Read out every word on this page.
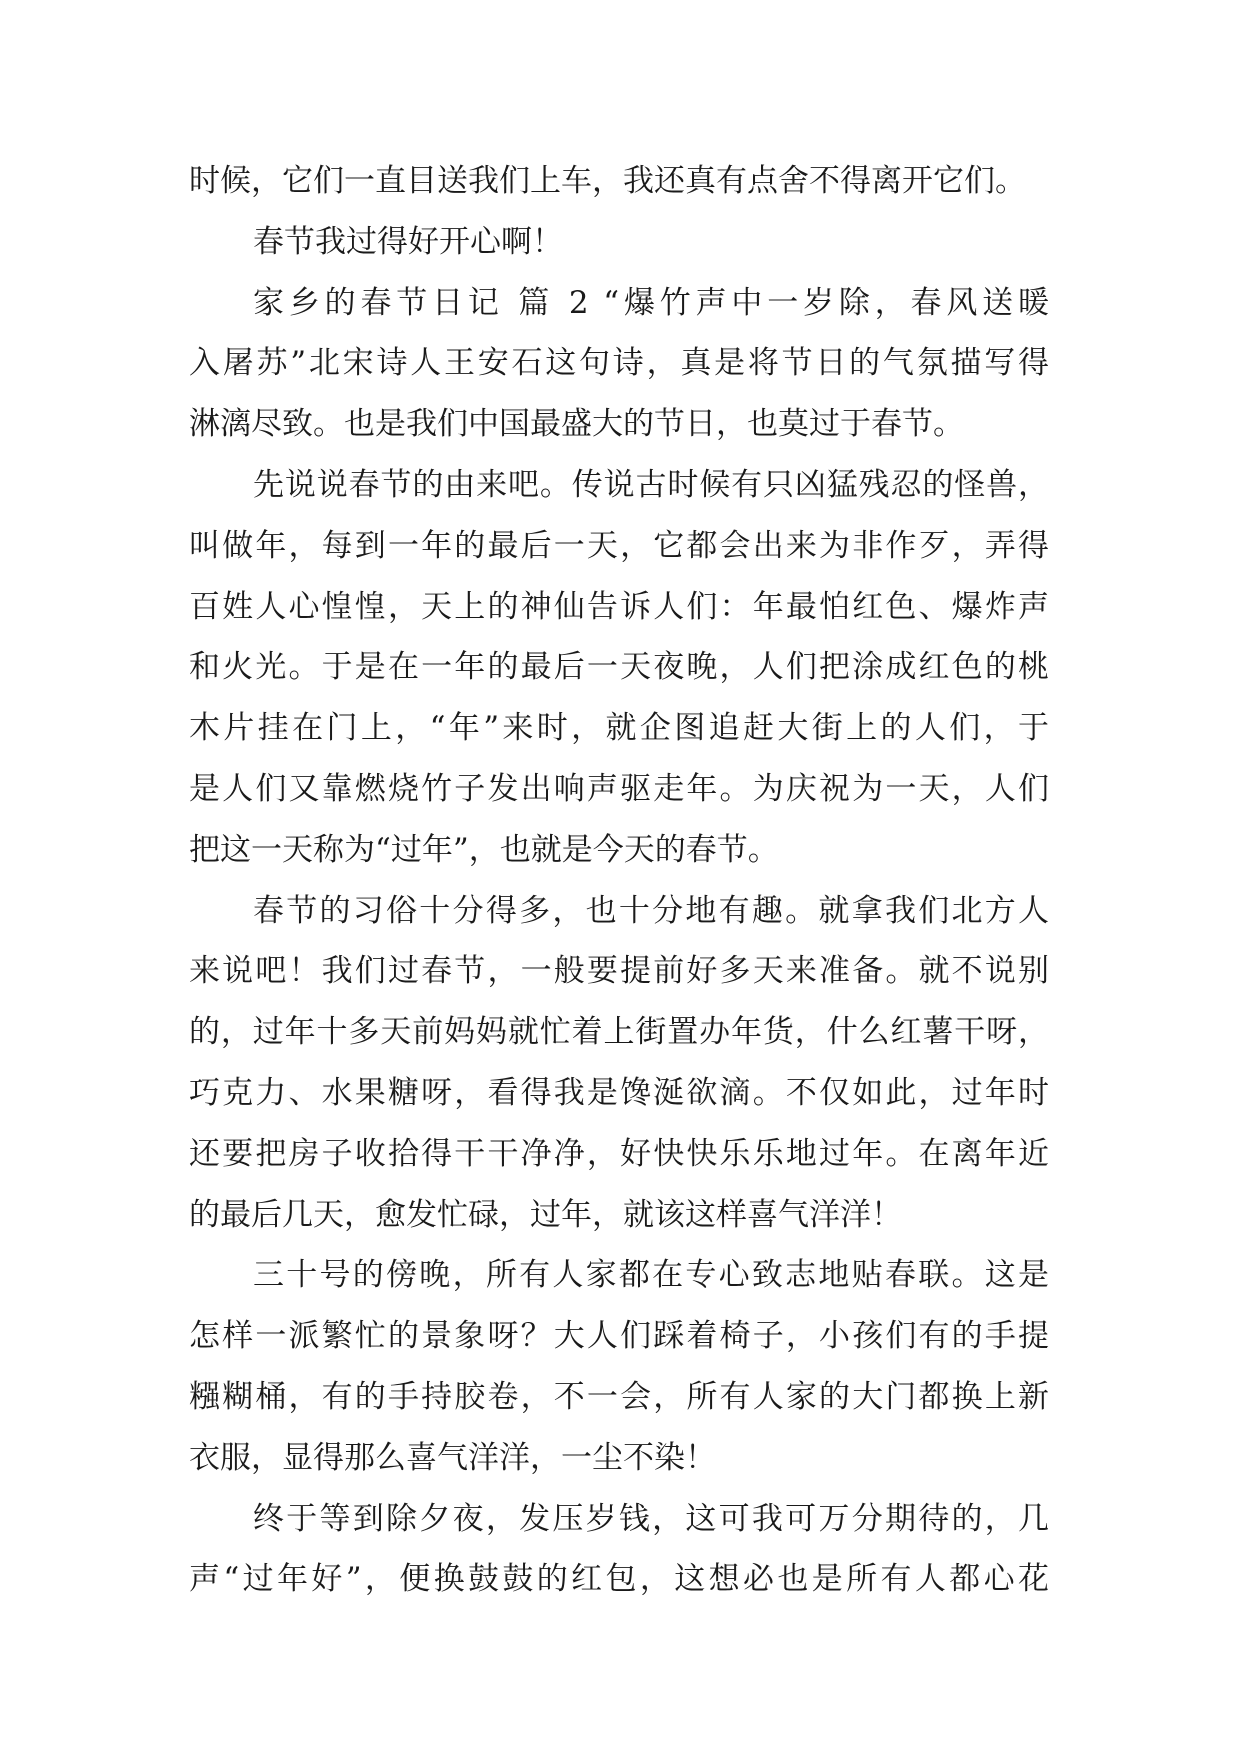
时候，它们一直目送我们上车，我还真有点舍不得离开它们。
春节我过得好开心啊！
家乡的春节日记 篇 2 “爆竹声中一岁除，春风送暖
入屠苏”北宋诗人王安石这句诗，真是将节日的气氛描写得
淋漓尽致。也是我们中国最盛大的节日，也莫过于春节。
先说说春节的由来吧。传说古时候有只凶猛残忍的怪兽，
叫做年，每到一年的最后一天，它都会出来为非作歹，弄得
百姓人心惶惶，天上的神仙告诉人们：年最怕红色、爆炸声
和火光。于是在一年的最后一天夜晚，人们把涂成红色的桃
木片挂在门上，“年”来时，就企图追赶大街上的人们，于
是人们又靠燃烧竹子发出响声驱走年。为庆祝为一天，人们
把这一天称为“过年”，也就是今天的春节。
春节的习俗十分得多，也十分地有趣。就拿我们北方人
来说吧！我们过春节，一般要提前好多天来准备。就不说别
的，过年十多天前妈妈就忙着上街置办年货，什么红薯干呀，
巧克力、水果糖呀，看得我是馋涎欲滴。不仅如此，过年时
还要把房子收拾得干干净净，好快快乐乐地过年。在离年近
的最后几天，愈发忙碌，过年，就该这样喜气洋洋！
三十号的傍晚，所有人家都在专心致志地贴春联。这是
怎样一派繁忙的景象呀？大人们踩着椅子，小孩们有的手提
糨糊桶，有的手持胶卷，不一会，所有人家的大门都换上新
衣服，显得那么喜气洋洋，一尘不染！
终于等到除夕夜，发压岁钱，这可我可万分期待的，几
声“过年好”，便换鼓鼓的红包，这想必也是所有人都心花
